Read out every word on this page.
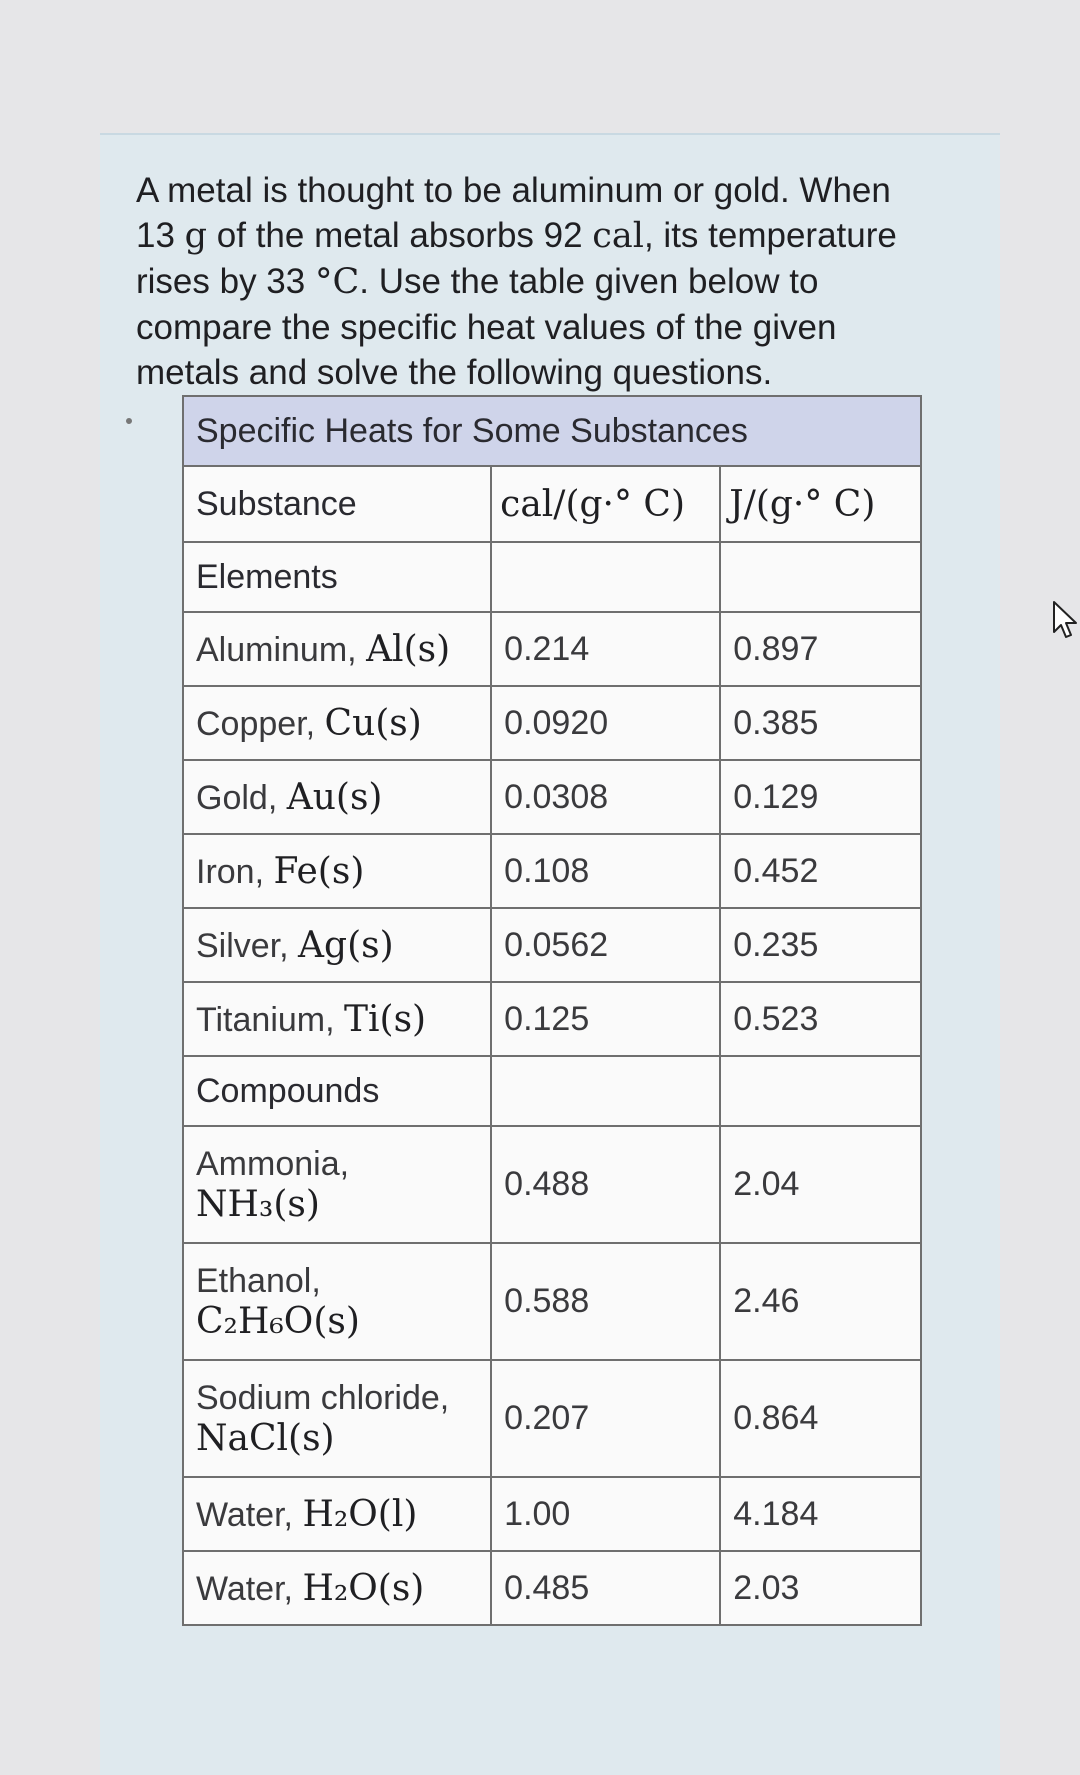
A metal is thought to be aluminum or gold. When 13 g of the metal absorbs 92 cal, its temperature rises by 33 °C. Use the table given below to compare the specific heat values of the given metals and solve the following questions.

Specific Heats for Some Substances		
Substance	cal/(g·° C)	J/(g·° C)
Elements		
Aluminum, Al(s)	0.214	0.897
Copper, Cu(s)	0.0920	0.385
Gold, Au(s)	0.0308	0.129
Iron, Fe(s)	0.108	0.452
Silver, Ag(s)	0.0562	0.235
Titanium, Ti(s)	0.125	0.523
Compounds		
Ammonia,
NH₃(s)	0.488	2.04
Ethanol,
C₂H₆O(s)	0.588	2.46
Sodium chloride,
NaCl(s)	0.207	0.864
Water, H₂O(l)	1.00	4.184
Water, H₂O(s)	0.485	2.03
